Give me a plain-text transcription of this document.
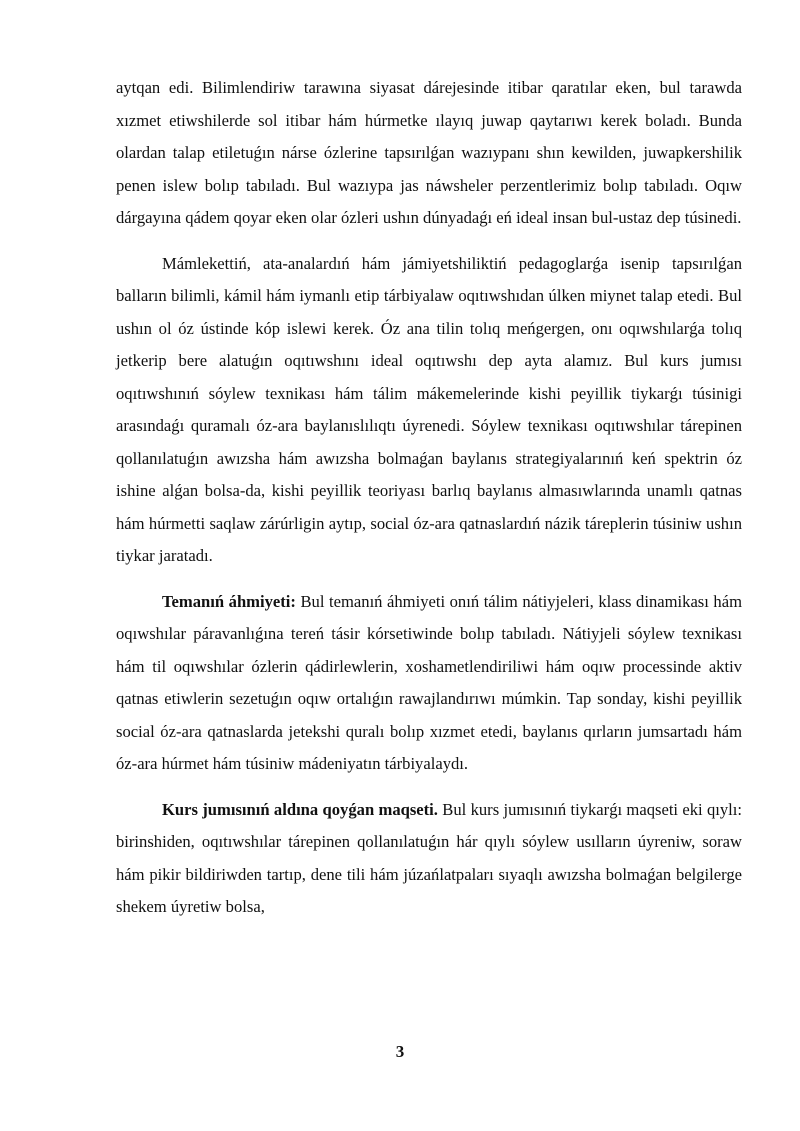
aytqan edi. Bilimlendiriw tarawına siyasat dárejesinde itibar qaratılar eken, bul tarawda xızmet etiwshilerde sol itibar hám húrmetke ılayıq juwap qaytarıwı kerek boladı. Bunda olardan talap etiletuǵın nárse ózlerine tapsırılǵan wazıypanı shın kewilden, juwapkershilik penen islew bolıp tabıladı. Bul wazıypa jas náwsheler perzentlerimiz bolıp tabıladı. Oqıw dárgayına qádem qoyar eken olar ózleri ushın dúnyadaǵı eń ideal insan bul-ustaz dep túsinedi.

Mámlekettiń, ata-analardıń hám jámiyetshiliktiń pedagoglarǵa isenip tapsırılǵan balların bilimli, kámil hám iymanlı etip tárbiyalaw oqıtıwshıdan úlken miynet talap etedi. Bul ushın ol óz ústinde kóp islewi kerek. Óz ana tilin tolıq meńgergen, onı oqıwshılarǵa tolıq jetkerip bere alatuǵın oqıtıwshını ideal oqıtıwshı dep ayta alamız. Bul kurs jumısı oqıtıwshınıń sóylew texnikası hám tálim mákemelerinde kishi peyillik tiykarǵı túsinigi arasındaǵı quramalı óz-ara baylanıslılıqtı úyrenedi. Sóylew texnikası oqıtıwshılar tárepinen qollanılatuǵın awızsha hám awızsha bolmaǵan baylanıs strategiyalarınıń keń spektrin óz ishine alǵan bolsa-da, kishi peyillik teoriyası barlıq baylanıs almasıwlarında unamlı qatnas hám húrmetti saqlaw zárúrligin aytıp, social óz-ara qatnaslardıń názik tárеplerin túsiniw ushın tiykar jaratadı.

Temanıń áhmiyeti: Bul temanıń áhmiyeti onıń tálim nátiyjeleri, klass dinamikası hám oqıwshılar páravanlıǵına tereń tásir kórsetiwinde bolıp tabıladı. Nátiyjeli sóylew texnikası hám til oqıwshılar ózlerin qádirlewlerin, xoshametlendiriliwi hám oqıw processinde aktiv qatnas etiwlerin sezetuǵın oqıw ortalıǵın rawajlandırıwı múmkin. Tap sonday, kishi peyillik social óz-ara qatnaslarda jetekshi quralı bolıp xızmet etedi, baylanıs qırların jumsartadı hám óz-ara húrmet hám túsiniw mádeniyatın tárbiyalaydı.

Kurs jumısınıń aldına qoyǵan maqseti. Bul kurs jumısınıń tiykarǵı maqseti eki qıylı: birinshiden, oqıtıwshılar tárepinen qollanılatuǵın hár qıylı sóylew usılların úyreniw, soraw hám pikir bildiriwden tartıp, dene tili hám júzańlatpaları sıyaqlı awızsha bolmaǵan belgilerge shekem úyretiw bolsa,

3
